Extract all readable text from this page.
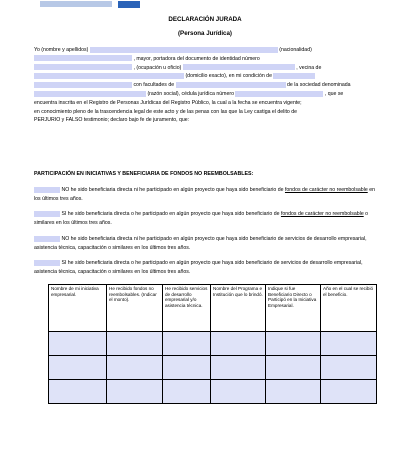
DECLARACIÓN JURADA
(Persona Jurídica)
Yo (nombre y apellidos)	(nacionalidad)
, mayor, portadora del documento de identidad número
, (ocupación u oficio)	, vecina de
(domicilio exacto), en mi condición de
con facultades de	de la sociedad denominada
(razón social), cédula jurídica número	, que se
encuentra inscrita en el Registro de Personas Jurídicas del Registro Público, la cual a la fecha se encuentra vigente;
en conocimiento pleno de la trascendencia legal de este acto y de las penas con las que la Ley castiga el delito de
PERJURIO y FALSO testimonio; declaro bajo fe de juramento, que:
PARTICIPACIÓN EN INICIATIVAS Y BENEFICIARIA DE FONDOS NO REEMBOLSABLES:
NO he sido beneficiaria directa ni he participado en algún proyecto que haya sido beneficiario de fondos de carácter no reembolsable en los últimos tres años.
SI he sido beneficiaria directa o he participado en algún proyecto que haya sido beneficiario de fondos de carácter no reembolsable o similares en los últimos tres años.
NO he sido beneficiaria directa ni he participado en algún proyecto que haya sido beneficiario de servicios de desarrollo empresarial, asistencia técnica, capacitación o similares en los últimos tres años.
SI he sido beneficiaria directa o he participado en algún proyecto que haya sido beneficiario de servicios de desarrollo empresarial, asistencia técnica, capacitación o similares en los últimos tres años.
Nombre de mi iniciativa empresarial.	He recibido fondos no reembolsables. (Indicar el monto).	He recibido servicios de desarrollo empresarial y/o asistencia técnica.	Nombre del Programa e Institución que lo brindó.	Indique si fue Beneficiario Directo o Participó en la Iniciativa Empresarial.	Año en el cual se recibió el beneficio.
